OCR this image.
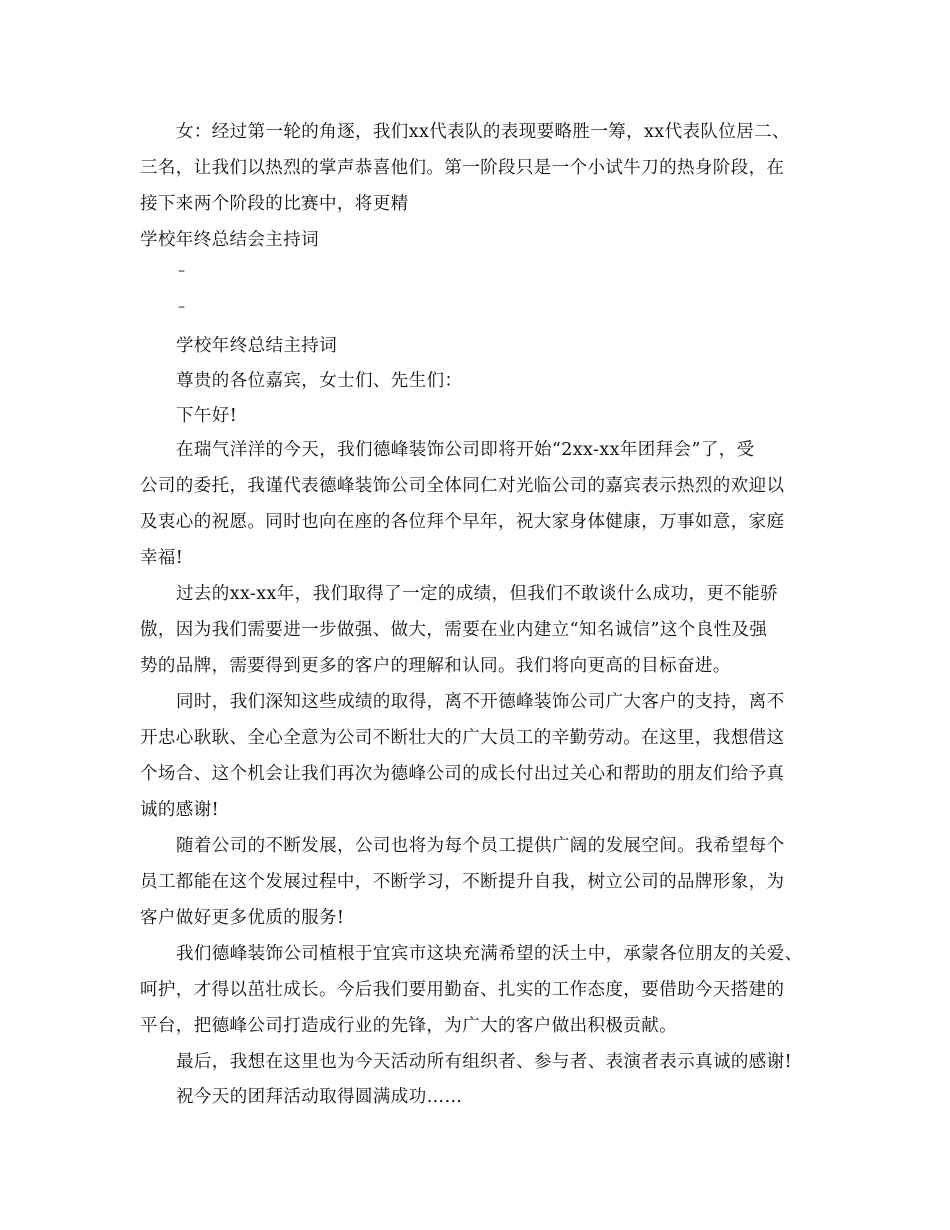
女：经过第一轮的角逐，我们xx代表队的表现要略胜一筹，xx代表队位居二、
三名，让我们以热烈的掌声恭喜他们。第一阶段只是一个小试牛刀的热身阶段，在
接下来两个阶段的比赛中，将更精
学校年终总结会主持词
–
–
学校年终总结主持词
尊贵的各位嘉宾，女士们、先生们：
下午好!
在瑞气洋洋的今天，我们德峰装饰公司即将开始“2xx-xx年团拜会”了，受
公司的委托，我谨代表德峰装饰公司全体同仁对光临公司的嘉宾表示热烈的欢迎以
及衷心的祝愿。同时也向在座的各位拜个早年，祝大家身体健康，万事如意，家庭
幸福!
过去的xx-xx年，我们取得了一定的成绩，但我们不敢谈什么成功，更不能骄
傲，因为我们需要进一步做强、做大，需要在业内建立“知名诚信”这个良性及强
势的品牌，需要得到更多的客户的理解和认同。我们将向更高的目标奋进。
同时，我们深知这些成绩的取得，离不开德峰装饰公司广大客户的支持，离不
开忠心耿耿、全心全意为公司不断壮大的广大员工的辛勤劳动。在这里，我想借这
个场合、这个机会让我们再次为德峰公司的成长付出过关心和帮助的朋友们给予真
诚的感谢!
随着公司的不断发展，公司也将为每个员工提供广阔的发展空间。我希望每个
员工都能在这个发展过程中，不断学习，不断提升自我，树立公司的品牌形象，为
客户做好更多优质的服务!
我们德峰装饰公司植根于宜宾市这块充满希望的沃土中，承蒙各位朋友的关爱、
呵护，才得以茁壮成长。今后我们要用勤奋、扎实的工作态度，要借助今天搭建的
平台，把德峰公司打造成行业的先锋，为广大的客户做出积极贡献。
最后，我想在这里也为今天活动所有组织者、参与者、表演者表示真诚的感谢!
祝今天的团拜活动取得圆满成功……
